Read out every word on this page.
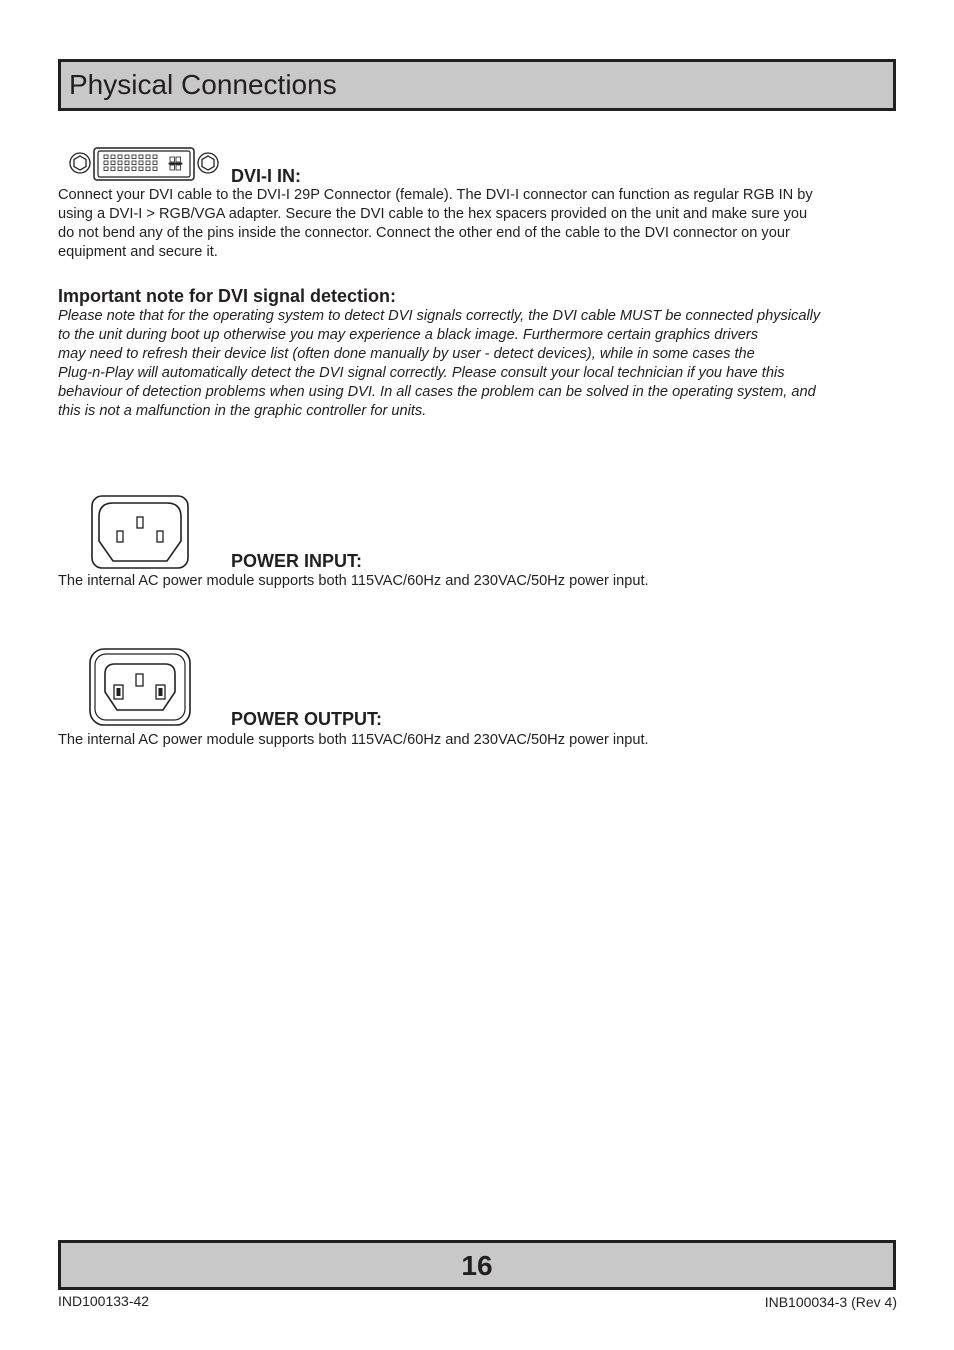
Physical Connections
DVI-I IN:
Connect your DVI cable to the DVI-I 29P Connector (female). The DVI-I connector can function as regular RGB IN by
using a DVI-I > RGB/VGA adapter. Secure the DVI cable to the hex spacers provided on the unit and make sure you
do not bend any of the pins inside the connector. Connect the other end of the cable to the DVI connector on your
equipment and secure it.
Important note for DVI signal detection:
Please note that for the operating system to detect DVI signals correctly, the DVI cable MUST be connected physically
to the unit during boot up otherwise you may experience a black image. Furthermore certain graphics drivers
may need to refresh their device list (often done manually by user - detect devices), while in some cases the
Plug-n-Play will automatically detect the DVI signal correctly. Please consult your local technician if you have this
behaviour of detection problems when using DVI. In all cases the problem can be solved in the operating system, and
this is not a malfunction in the graphic controller for units.
POWER INPUT:
The internal AC power module supports both 115VAC/60Hz and 230VAC/50Hz power input.
POWER OUTPUT:
The internal AC power module supports both 115VAC/60Hz and 230VAC/50Hz power input.
16
IND100133-42	INB100034-3 (Rev 4)
